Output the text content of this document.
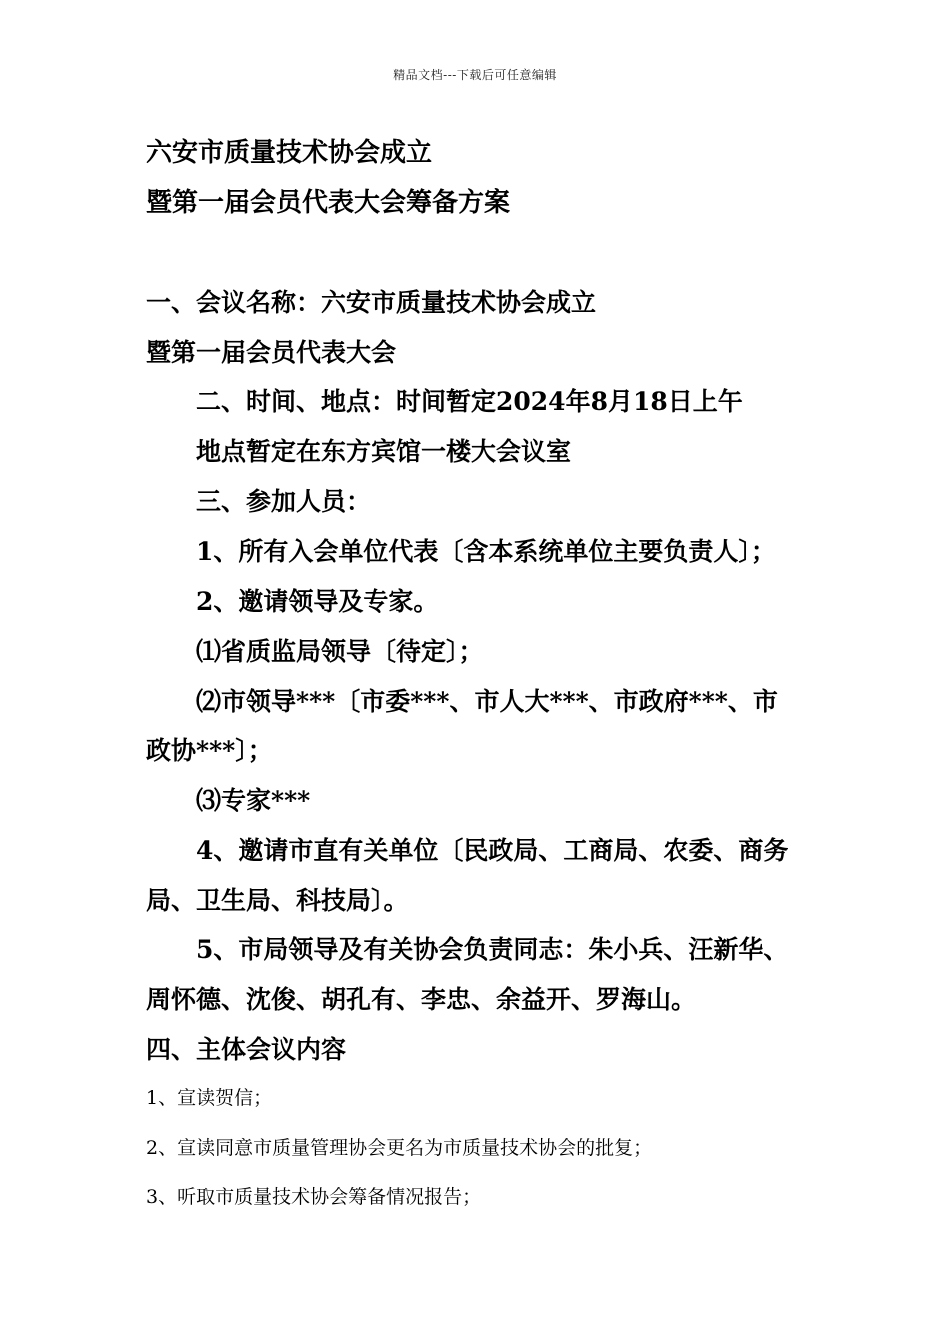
精品文档---下载后可任意编辑
六安市质量技术协会成立
暨第一届会员代表大会筹备方案
一、会议名称：六安市质量技术协会成立
暨第一届会员代表大会
二、时间、地点：时间暂定2024年8月18日上午
地点暂定在东方宾馆一楼大会议室
三、参加人员：
1、所有入会单位代表〔含本系统单位主要负责人〕；
2、邀请领导及专家。
⑴省质监局领导〔待定〕；
⑵市领导***〔市委***、市人大***、市政府***、市
政协***〕；
⑶专家***
4、邀请市直有关单位〔民政局、工商局、农委、商务
局、卫生局、科技局〕。
5、市局领导及有关协会负责同志：朱小兵、汪新华、
周怀德、沈俊、胡孔有、李忠、余益开、罗海山。
四、主体会议内容
1、宣读贺信；
2、宣读同意市质量管理协会更名为市质量技术协会的批复；
3、听取市质量技术协会筹备情况报告；
